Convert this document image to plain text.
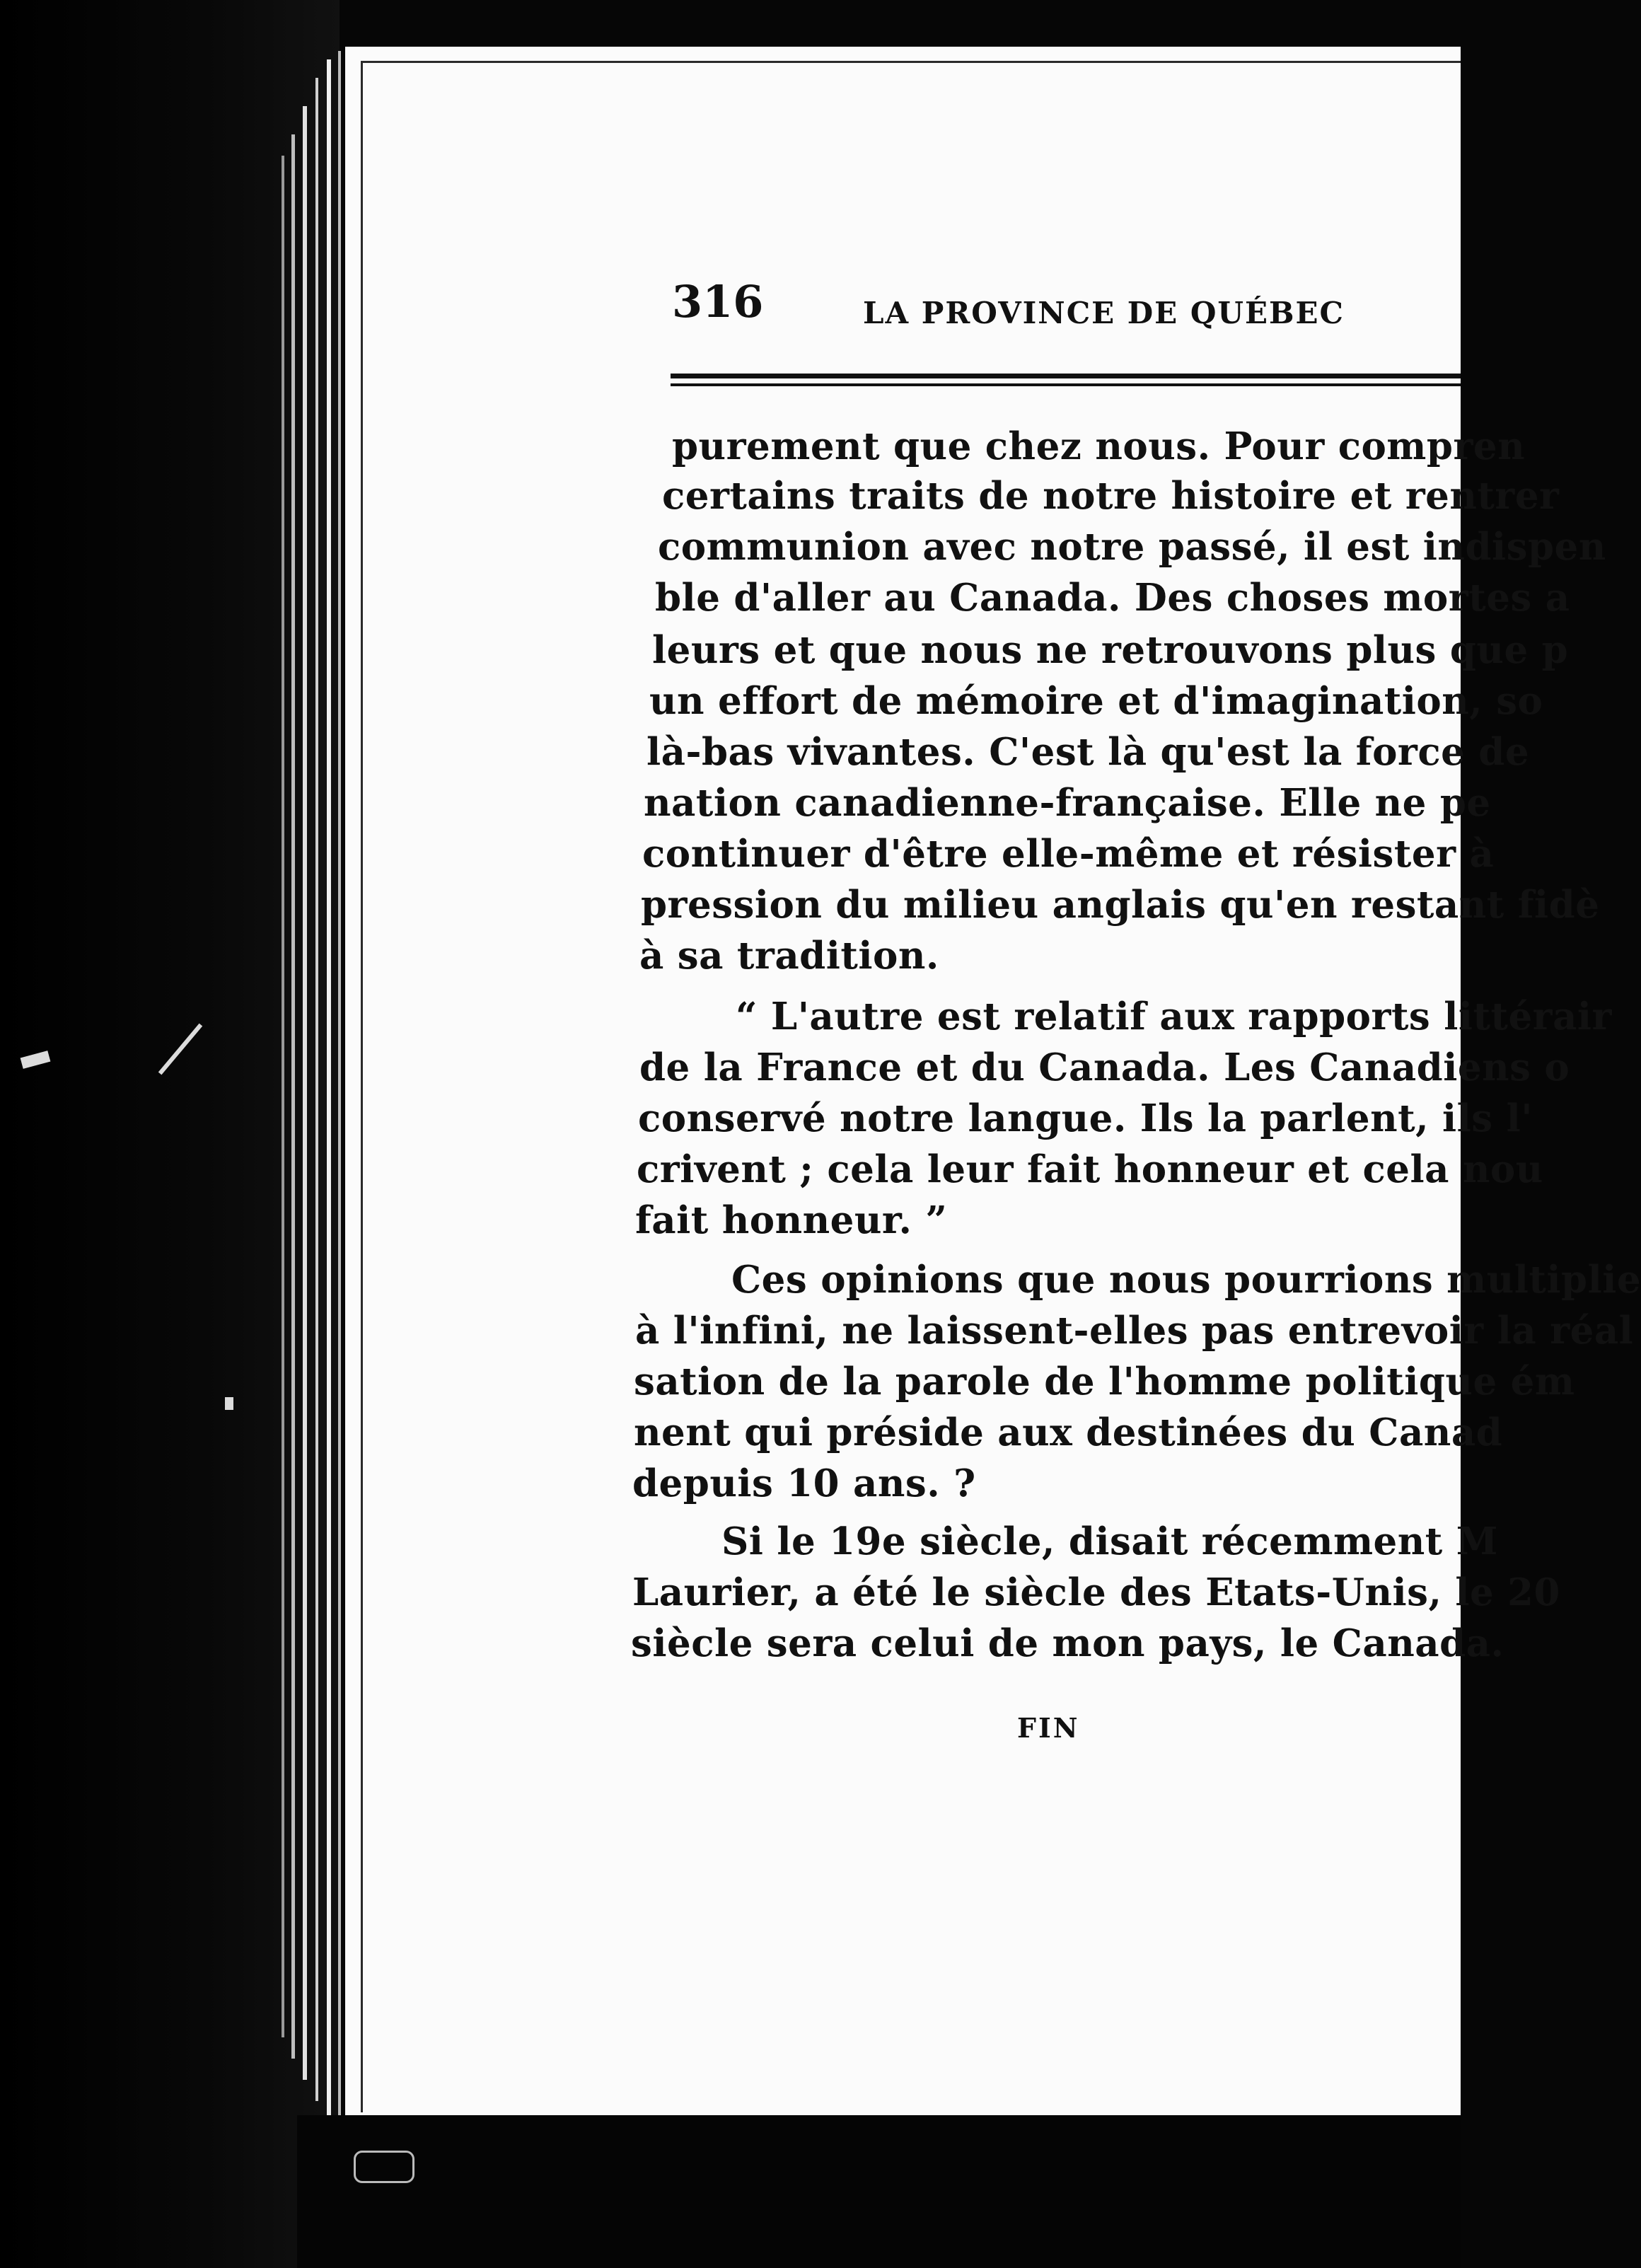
316	LA PROVINCE DE QUÉBEC
purement que chez nous. Pour compren
certains traits de notre histoire et rentrer
communion avec notre passé, il est indispen
ble d'aller au Canada. Des choses mortes a
leurs et que nous ne retrouvons plus que p
un effort de mémoire et d'imagination, so
là-bas vivantes. C'est là qu'est la force de
nation canadienne-française. Elle ne pe
continuer d'être elle-même et résister à
pression du milieu anglais qu'en restant fidè
à sa tradition.
“ L'autre est relatif aux rapports littérair
de la France et du Canada. Les Canadiens o
conservé notre langue. Ils la parlent, ils l'
crivent ; cela leur fait honneur et cela nou
fait honneur. ”
Ces opinions que nous pourrions multiplie
à l'infini, ne laissent-elles pas entrevoir la réal
sation de la parole de l'homme politique ém
nent qui préside aux destinées du Canad
depuis 10 ans. ?
Si le 19e siècle, disait récemment M
Laurier, a été le siècle des Etats-Unis, le 20
siècle sera celui de mon pays, le Canada.
FIN
